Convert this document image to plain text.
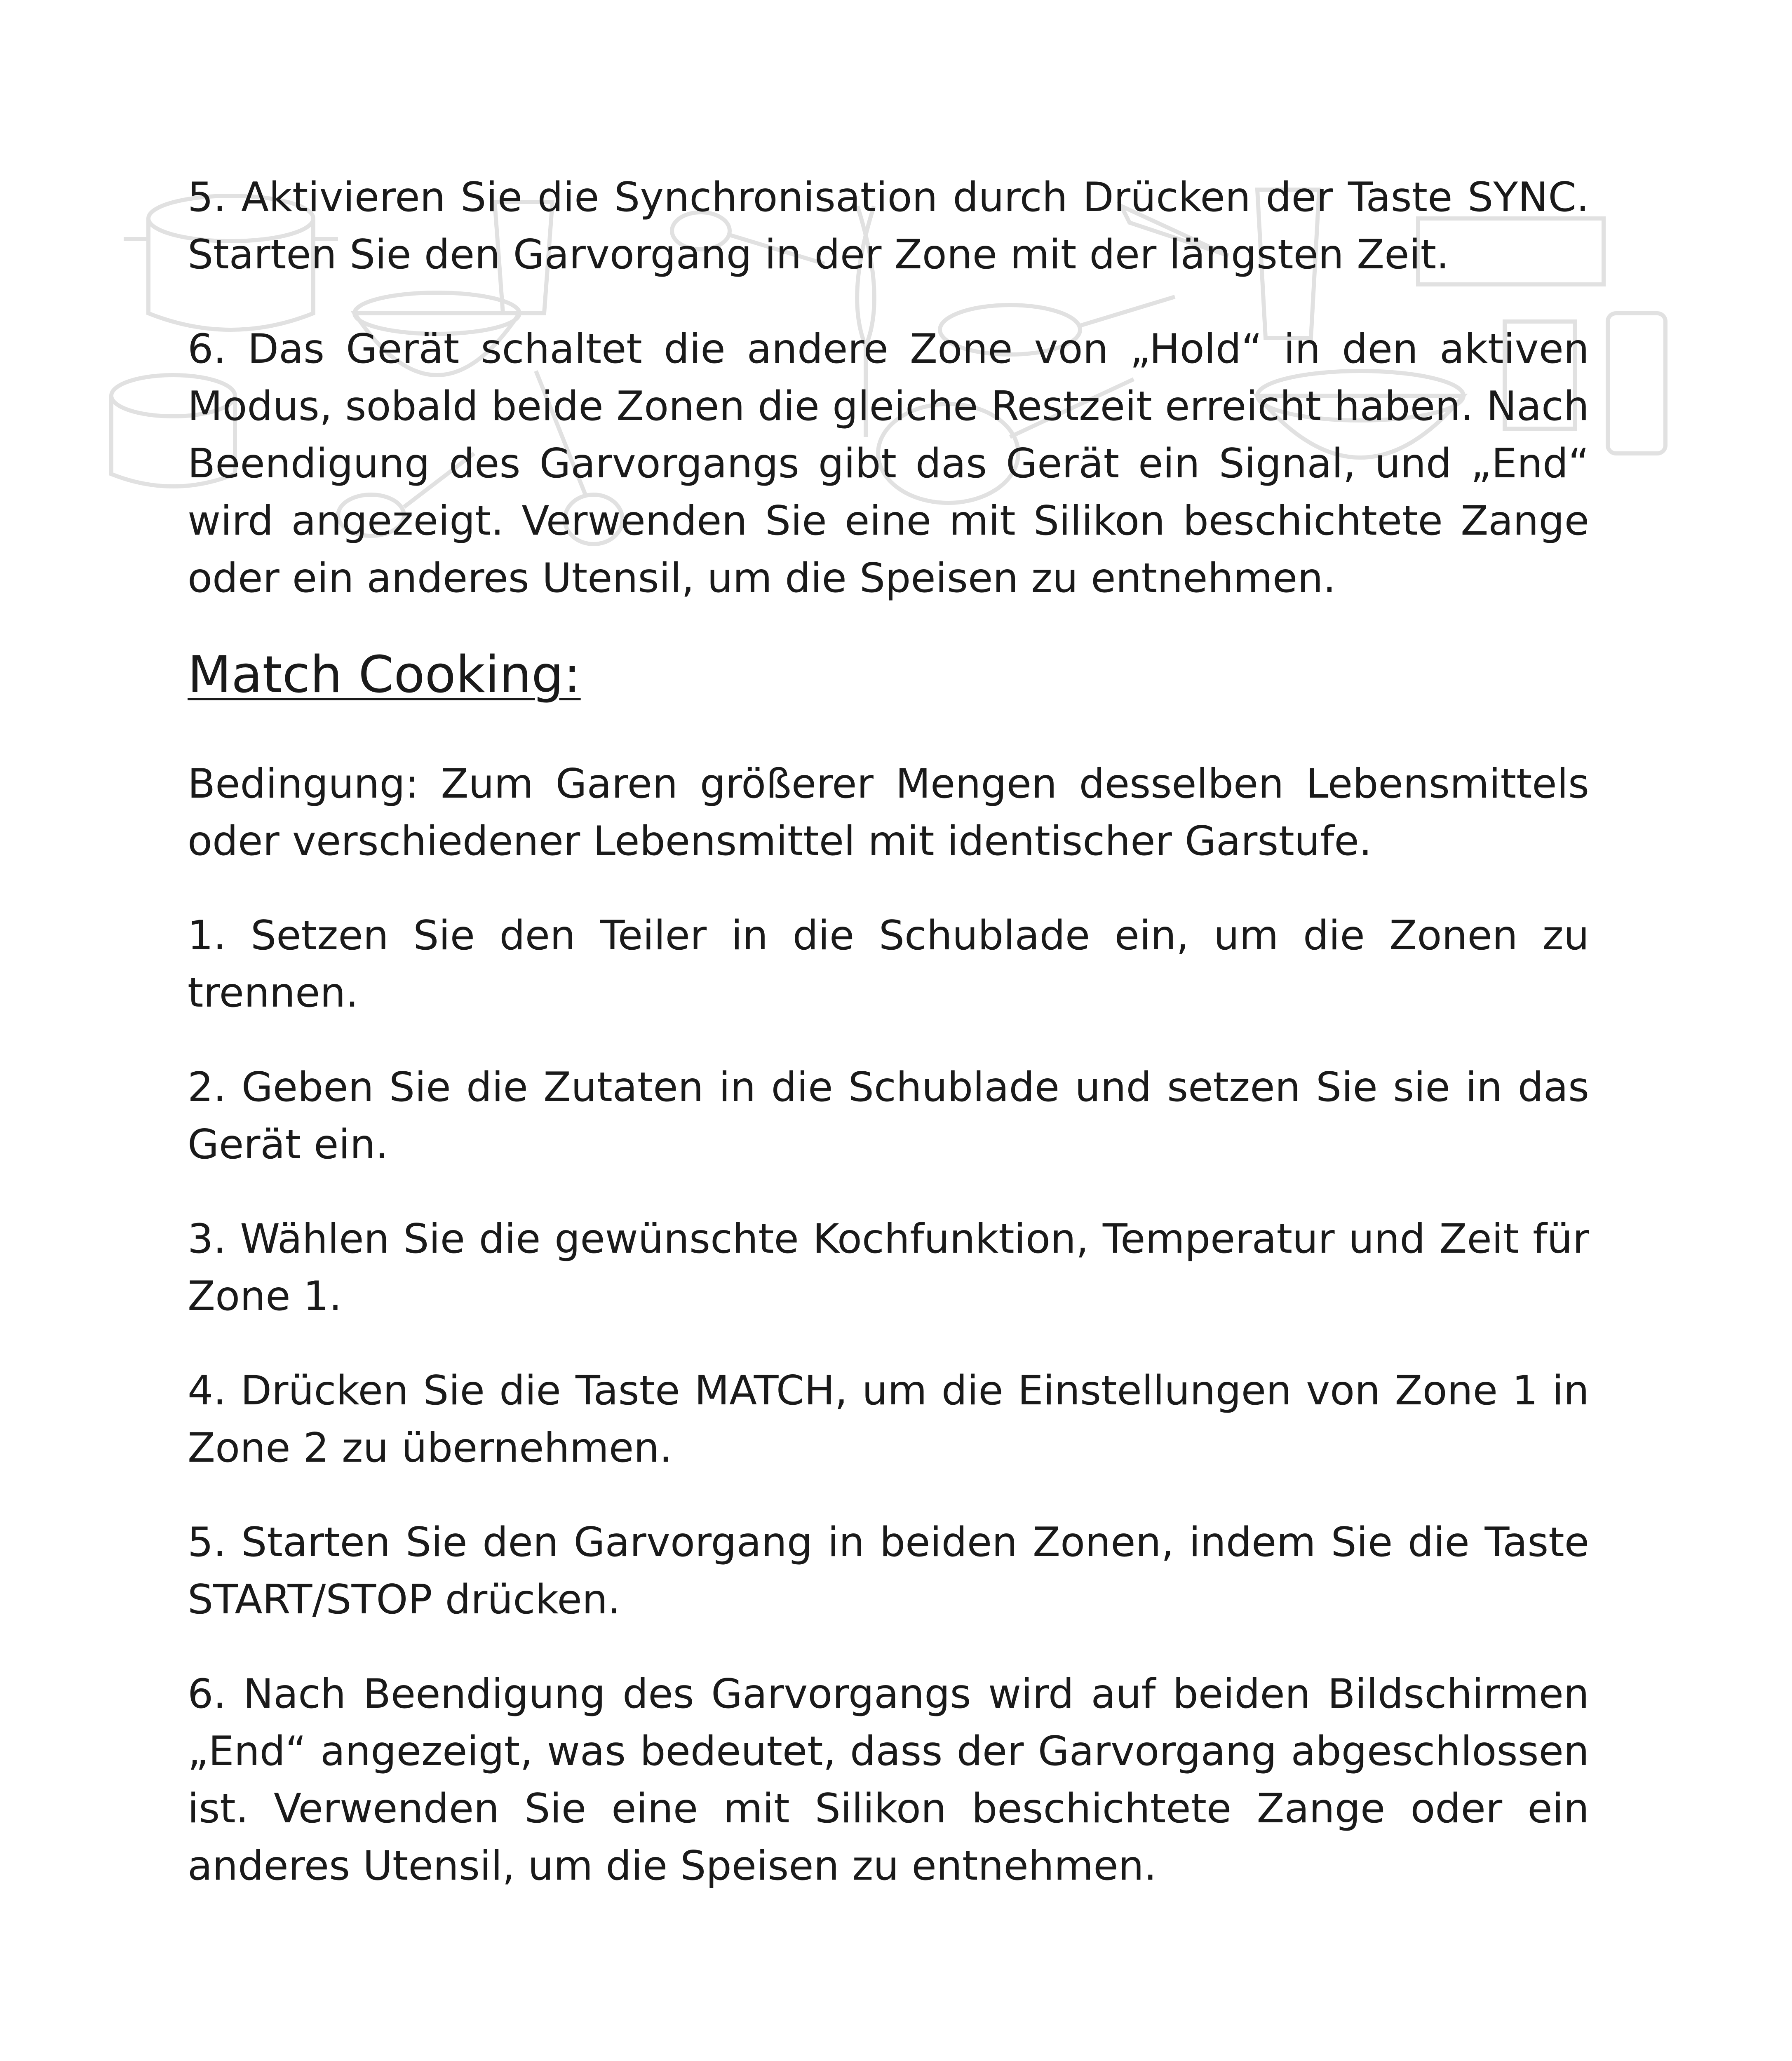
5. Aktivieren Sie die Synchronisation durch Drücken der Taste SYNC. Starten Sie den Garvorgang in der Zone mit der längsten Zeit.

6. Das Gerät schaltet die andere Zone von „Hold“ in den aktiven Modus, sobald beide Zonen die gleiche Restzeit erreicht haben. Nach Beendigung des Garvorgangs gibt das Gerät ein Signal, und „End“ wird angezeigt. Verwenden Sie eine mit Silikon beschichtete Zange oder ein anderes Utensil, um die Speisen zu entnehmen.

Match Cooking:

Bedingung: Zum Garen größerer Mengen desselben Lebensmittels oder verschiedener Lebensmittel mit identischer Garstufe.

1. Setzen Sie den Teiler in die Schublade ein, um die Zonen zu trennen.

2. Geben Sie die Zutaten in die Schublade und setzen Sie sie in das Gerät ein.

3. Wählen Sie die gewünschte Kochfunktion, Temperatur und Zeit für Zone 1.

4. Drücken Sie die Taste MATCH, um die Einstellungen von Zone 1 in Zone 2 zu übernehmen.

5. Starten Sie den Garvorgang in beiden Zonen, indem Sie die Taste START/STOP drücken.

6. Nach Beendigung des Garvorgangs wird auf beiden Bildschirmen „End“ angezeigt, was bedeutet, dass der Garvorgang abgeschlossen ist. Verwenden Sie eine mit Silikon beschichtete Zange oder ein anderes Utensil, um die Speisen zu entnehmen.
